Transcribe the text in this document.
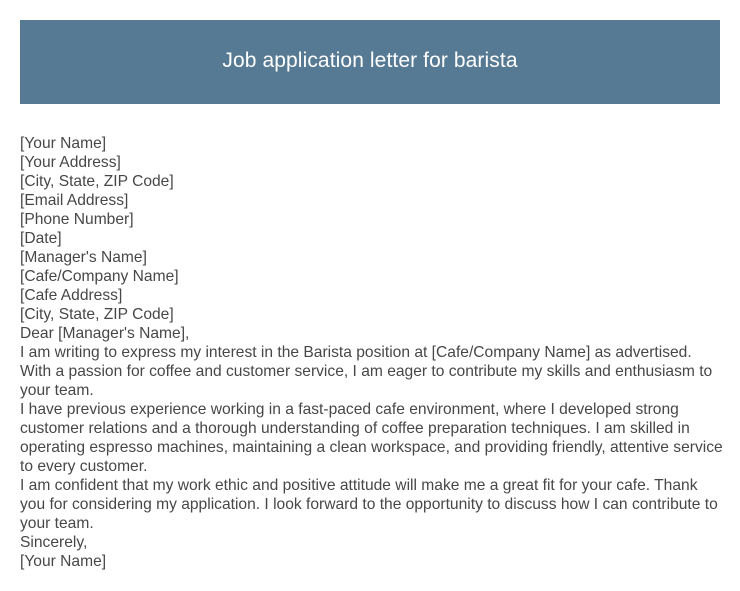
Job application letter for barista
[Your Name]
[Your Address]
[City, State, ZIP Code]
[Email Address]
[Phone Number]
[Date]
[Manager's Name]
[Cafe/Company Name]
[Cafe Address]
[City, State, ZIP Code]
Dear [Manager's Name],
I am writing to express my interest in the Barista position at [Cafe/Company Name] as advertised. With a passion for coffee and customer service, I am eager to contribute my skills and enthusiasm to your team.
I have previous experience working in a fast-paced cafe environment, where I developed strong customer relations and a thorough understanding of coffee preparation techniques. I am skilled in operating espresso machines, maintaining a clean workspace, and providing friendly, attentive service to every customer.
I am confident that my work ethic and positive attitude will make me a great fit for your cafe. Thank you for considering my application. I look forward to the opportunity to discuss how I can contribute to your team.
Sincerely,
[Your Name]
